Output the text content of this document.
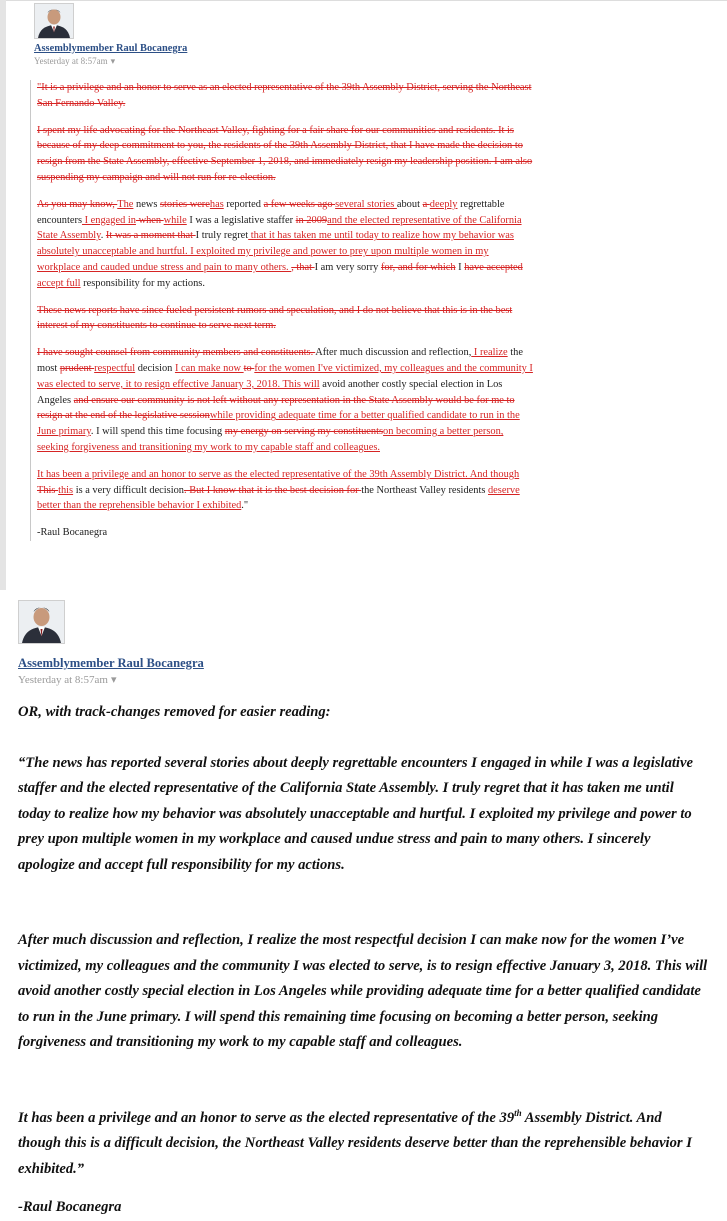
Assemblymember Raul Bocanegra
Yesterday at 8:57am ▾

"It is a privilege and an honor to serve as an elected representative of the 39th Assembly District, serving the Northeast San Fernando Valley.

I spent my life advocating for the Northeast Valley, fighting for a fair share for our communities and residents. It is because of my deep commitment to you, the residents of the 39th Assembly District, that I have made the decision to resign from the State Assembly, effective September 1, 2018, and immediately resign my leadership position. I am also suspending my campaign and will not run for re-election.

As you may know, The news stories werehas reported a few weeks ago several stories about a deeply regrettable encounters I engaged in when while I was a legislative staffer in 2009and the elected representative of the California State Assembly. It was a moment that I truly regret that it has taken me until today to realize how my behavior was absolutely unacceptable and hurtful. I exploited my privilege and power to prey upon multiple women in my workplace and cauded undue stress and pain to many others. , that I am very sorry for, and for which I have accepted accept full responsibility for my actions.

These news reports have since fueled persistent rumors and speculation, and I do not believe that this is in the best interest of my constituents to continue to serve next term.

I have sought counsel from community members and constituents. After much discussion and reflection, I realize the most prudent respectful decision I can make now to for the women I've victimized, my colleagues and the community I was elected to serve, it to resign effective January 3, 2018. This will avoid another costly special election in Los Angeles and ensure our community is not left without any representation in the State Assembly would be for me to resign at the end of the legislative sessionwhile providing adequate time for a better qualified candidate to run in the June primary. I will spend this time focusing my energy on serving my constituentson becoming a better person, seeking forgiveness and transitioning my work to my capable staff and colleagues.

It has been a privilege and an honor to serve as the elected representative of the 39th Assembly District. And though This this is a very difficult decision. But I know that it is the best decision for the Northeast Valley residents deserve better than the reprehensible behavior I exhibited."

-Raul Bocanegra
Assemblymember Raul Bocanegra
Yesterday at 8:57am ▾

OR, with track-changes removed for easier reading:

“The news has reported several stories about deeply regrettable encounters I engaged in while I was a legislative staffer and the elected representative of the California State Assembly. I truly regret that it has taken me until today to realize how my behavior was absolutely unacceptable and hurtful. I exploited my privilege and power to prey upon multiple women in my workplace and caused undue stress and pain to many others. I sincerely apologize and accept full responsibility for my actions.

After much discussion and reflection, I realize the most respectful decision I can make now for the women I’ve victimized, my colleagues and the community I was elected to serve, is to resign effective January 3, 2018. This will avoid another costly special election in Los Angeles while providing adequate time for a better qualified candidate to run in the June primary. I will spend this remaining time focusing on becoming a better person, seeking forgiveness and transitioning my work to my capable staff and colleagues.

It has been a privilege and an honor to serve as the elected representative of the 39th Assembly District. And though this is a difficult decision, the Northeast Valley residents deserve better than the reprehensible behavior I exhibited.”

-Raul Bocanegra
